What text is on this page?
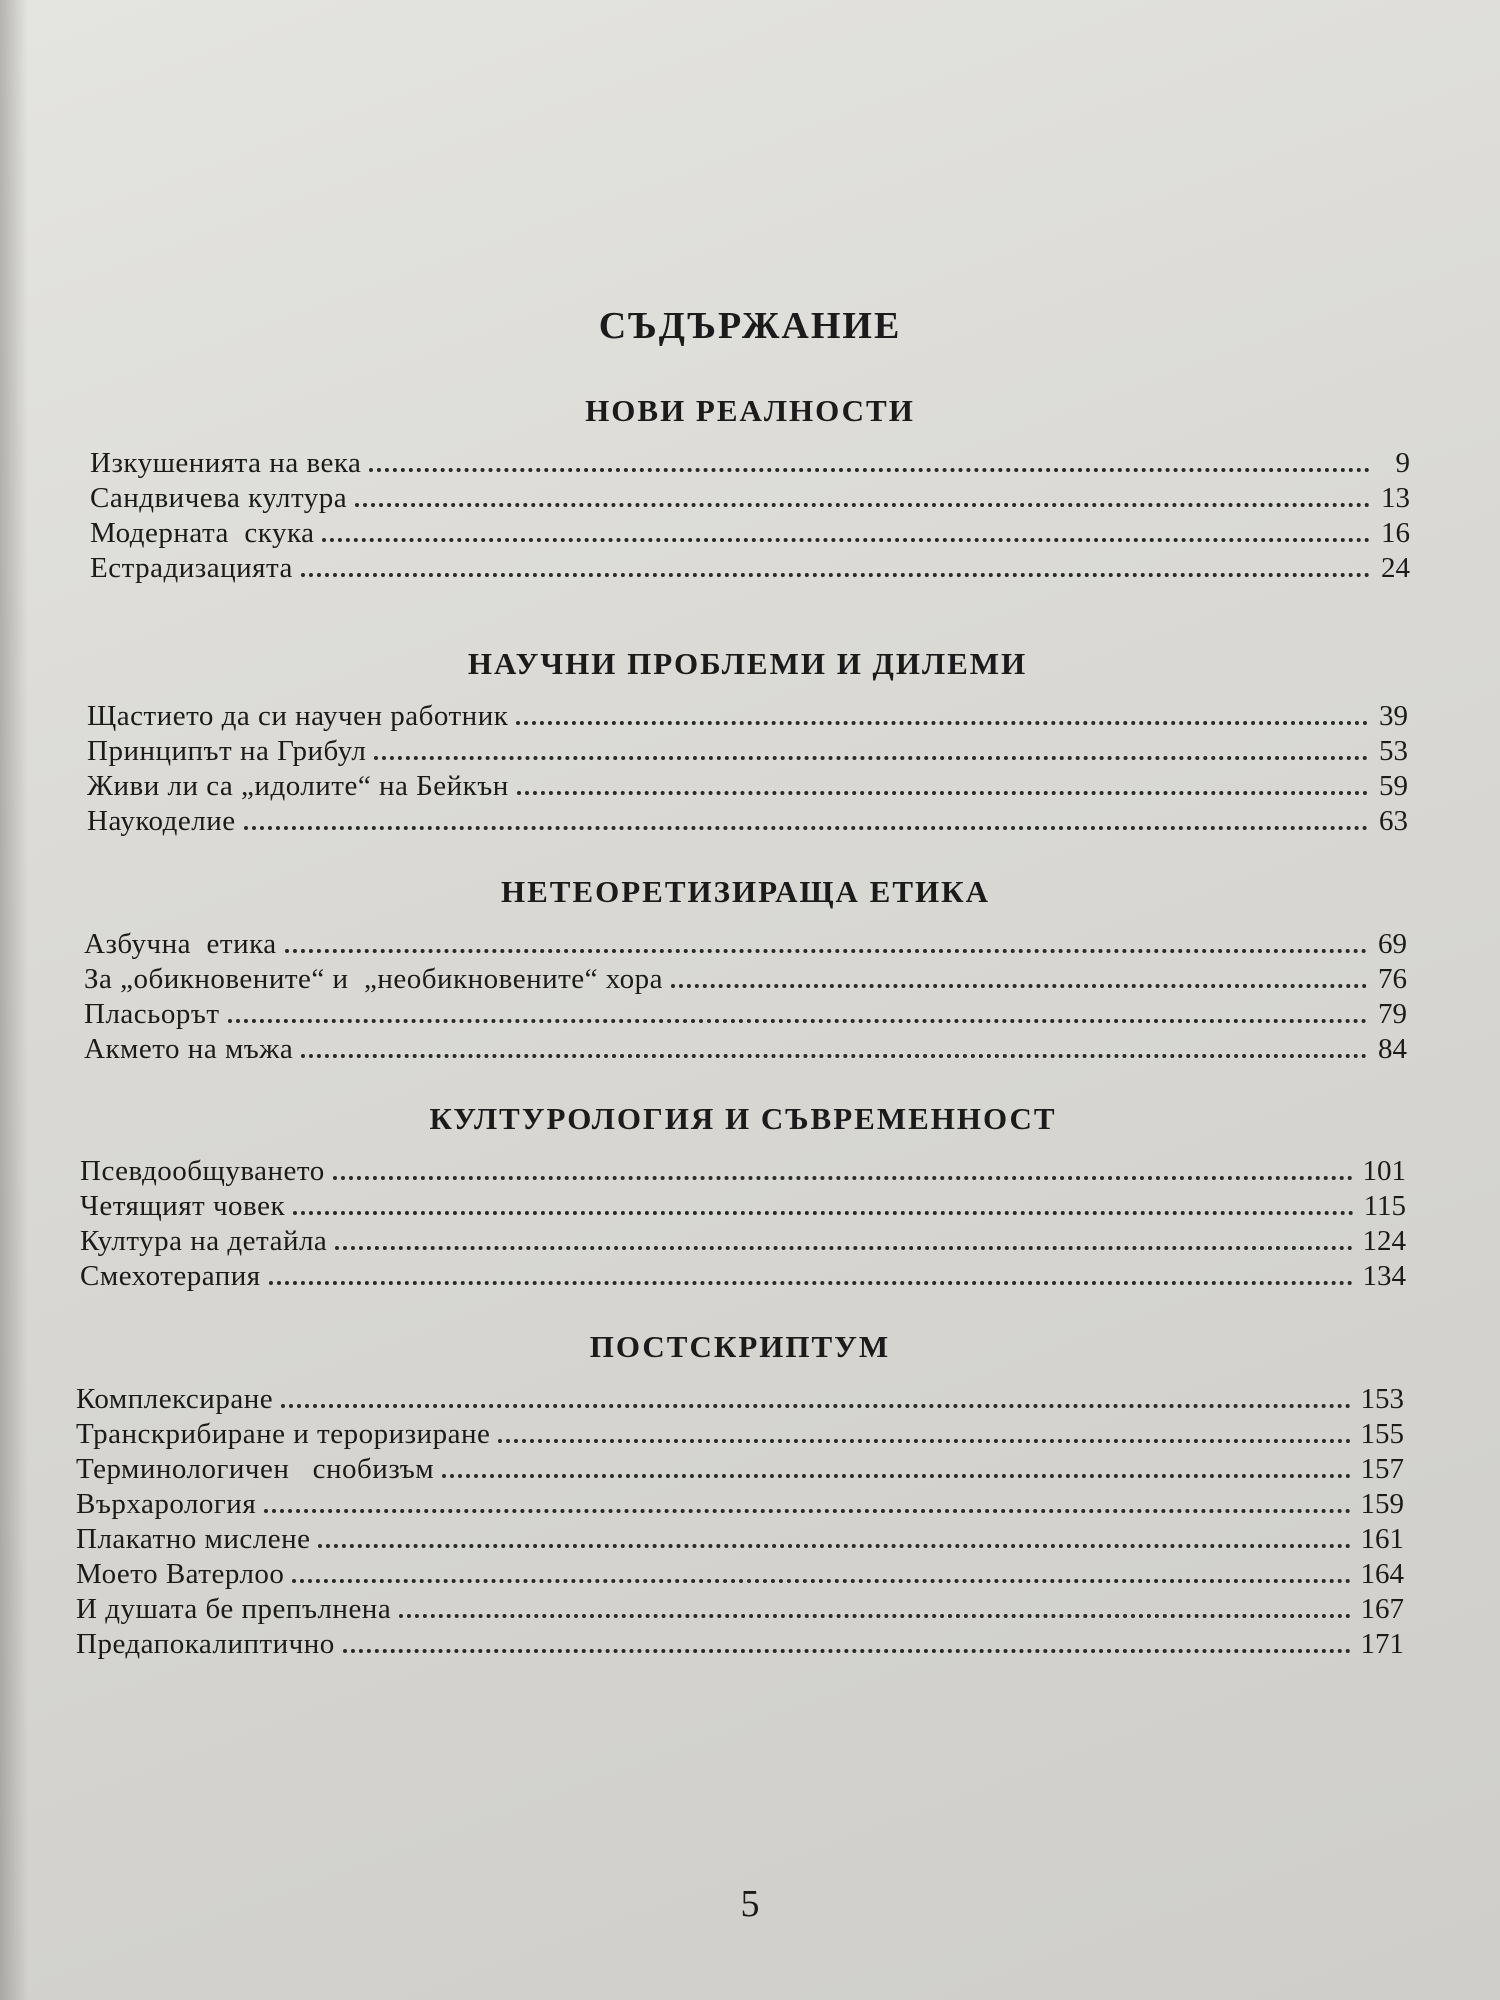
СЪДЪРЖАНИЕ
НОВИ РЕАЛНОСТИ
Изкушенията на века	9
Сандвичева култура	13
Модерната  скука	16
Естрадизацията	24
НАУЧНИ ПРОБЛЕМИ И ДИЛЕМИ
Щастието да си научен работник	39
Принципът на Грибул	53
Живи ли са „идолите“ на Бейкън	59
Наукоделие	63
НЕТЕОРЕТИЗИРАЩА ЕТИКА
Азбучна  етика	69
За „обикновените“ и  „необикновените“ хора	76
Пласьорът	79
Акмето на мъжа	84
КУЛТУРОЛОГИЯ И СЪВРЕМЕННОСТ
Псевдообщуването	101
Четящият човек	115
Култура на детайла	124
Смехотерапия	134
ПОСТСКРИПТУМ
Комплексиране	153
Транскрибиране и тероризиране	155
Терминологичен   снобизъм	157
Върхарология	159
Плакатно мислене	161
Моето Ватерлоо	164
И душата бе препълнена	167
Предапокалиптично	171
5
